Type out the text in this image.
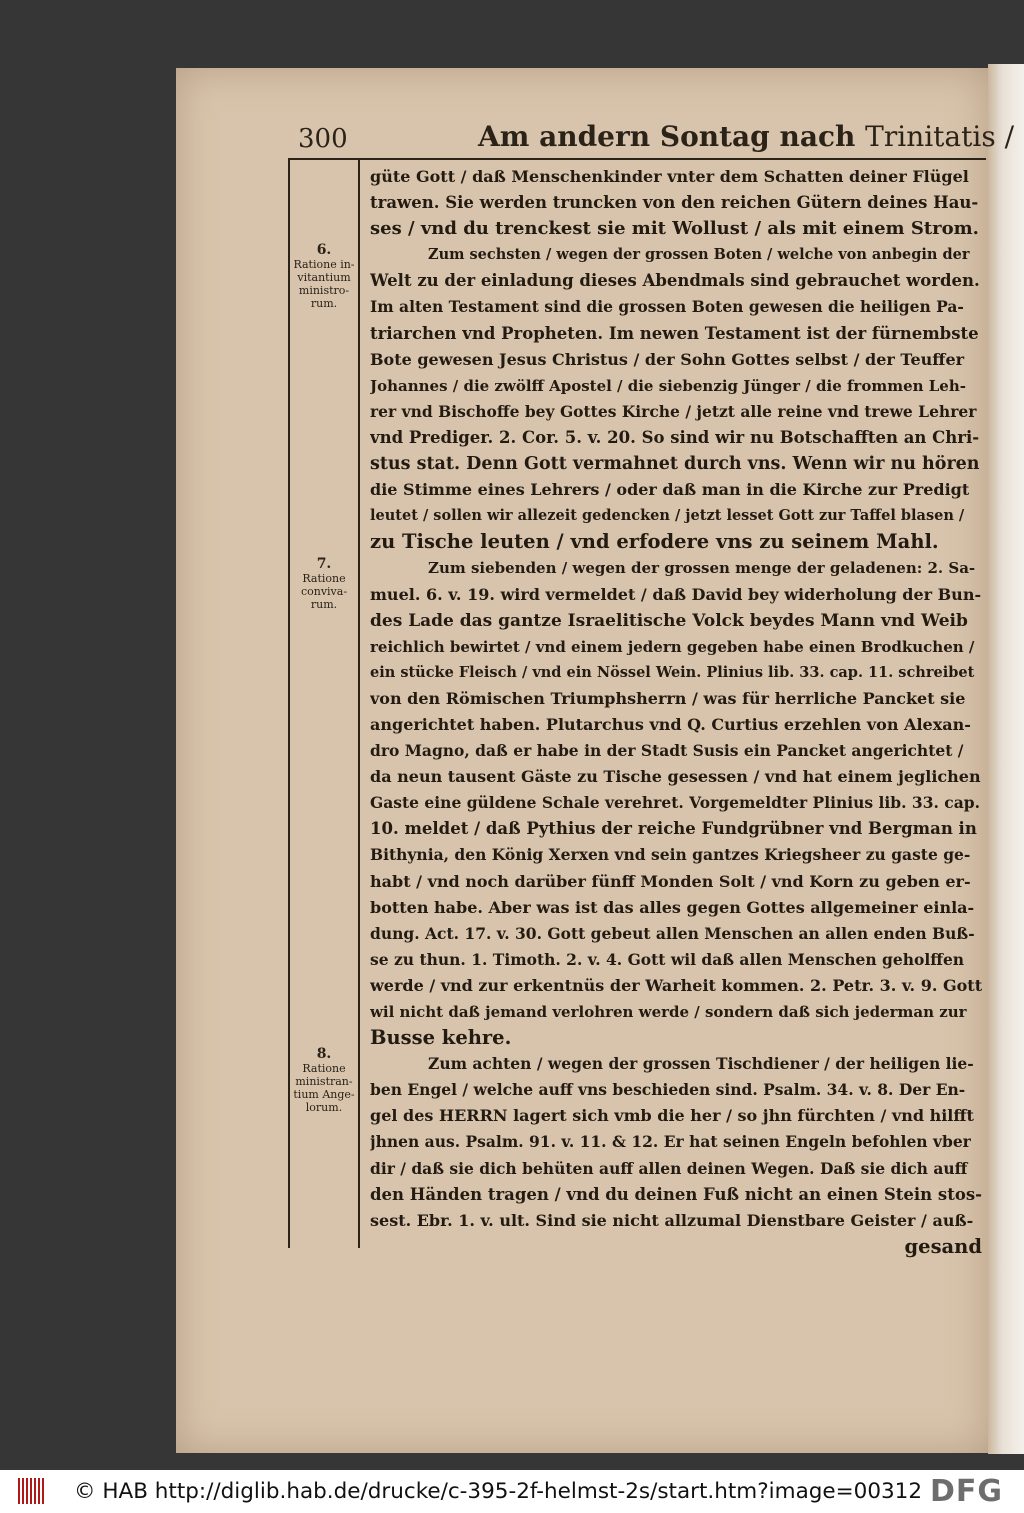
300	Am andern Sontag nach Trinitatis /
6.
Ratione in-vitantium ministro-rum.
7.
Ratione conviva-rum.
8.
Ratione ministran-tium Ange-lorum.
güte Gott / daß Menschenkinder vnter dem Schatten deiner Flügel
trawen. Sie werden truncken von den reichen Gütern deines Hau-
ses / vnd du trenckest sie mit Wollust / als mit einem Strom.
Zum sechsten / wegen der grossen Boten / welche von anbegin der
Welt zu der einladung dieses Abendmals sind gebrauchet worden.
Im alten Testament sind die grossen Boten gewesen die heiligen Pa-
triarchen vnd Propheten. Im newen Testament ist der fürnembste
Bote gewesen Jesus Christus / der Sohn Gottes selbst / der Teuffer
Johannes / die zwölff Apostel / die siebenzig Jünger / die frommen Leh-
rer vnd Bischoffe bey Gottes Kirche / jetzt alle reine vnd trewe Lehrer
vnd Prediger. 2. Cor. 5. v. 20. So sind wir nu Botschafften an Chri-
stus stat. Denn Gott vermahnet durch vns. Wenn wir nu hören
die Stimme eines Lehrers / oder daß man in die Kirche zur Predigt
leutet / sollen wir allezeit gedencken / jetzt lesset Gott zur Taffel blasen /
zu Tische leuten / vnd erfodere vns zu seinem Mahl.
Zum siebenden / wegen der grossen menge der geladenen: 2. Sa-
muel. 6. v. 19. wird vermeldet / daß David bey widerholung der Bun-
des Lade das gantze Israelitische Volck beydes Mann vnd Weib
reichlich bewirtet / vnd einem jedern gegeben habe einen Brodkuchen /
ein stücke Fleisch / vnd ein Nössel Wein. Plinius lib. 33. cap. 11. schreibet
von den Römischen Triumphsherrn / was für herrliche Pancket sie
angerichtet haben. Plutarchus vnd Q. Curtius erzehlen von Alexan-
dro Magno, daß er habe in der Stadt Susis ein Pancket angerichtet /
da neun tausent Gäste zu Tische gesessen / vnd hat einem jeglichen
Gaste eine güldene Schale verehret. Vorgemeldter Plinius lib. 33. cap.
10. meldet / daß Pythius der reiche Fundgrübner vnd Bergman in
Bithynia, den König Xerxen vnd sein gantzes Kriegsheer zu gaste ge-
habt / vnd noch darüber fünff Monden Solt / vnd Korn zu geben er-
botten habe. Aber was ist das alles gegen Gottes allgemeiner einla-
dung. Act. 17. v. 30. Gott gebeut allen Menschen an allen enden Buß-
se zu thun. 1. Timoth. 2. v. 4. Gott wil daß allen Menschen geholffen
werde / vnd zur erkentnüs der Warheit kommen. 2. Petr. 3. v. 9. Gott
wil nicht daß jemand verlohren werde / sondern daß sich jederman zur
Busse kehre.
Zum achten / wegen der grossen Tischdiener / der heiligen lie-
ben Engel / welche auff vns beschieden sind. Psalm. 34. v. 8. Der En-
gel des HERRN lagert sich vmb die her / so jhn fürchten / vnd hilfft
jhnen aus. Psalm. 91. v. 11. & 12. Er hat seinen Engeln befohlen vber
dir / daß sie dich behüten auff allen deinen Wegen. Daß sie dich auff
den Händen tragen / vnd du deinen Fuß nicht an einen Stein stos-
sest. Ebr. 1. v. ult. Sind sie nicht allzumal Dienstbare Geister / auß-
gesand
© HAB http://diglib.hab.de/drucke/c-395-2f-helmst-2s/start.htm?image=00312 DFG
